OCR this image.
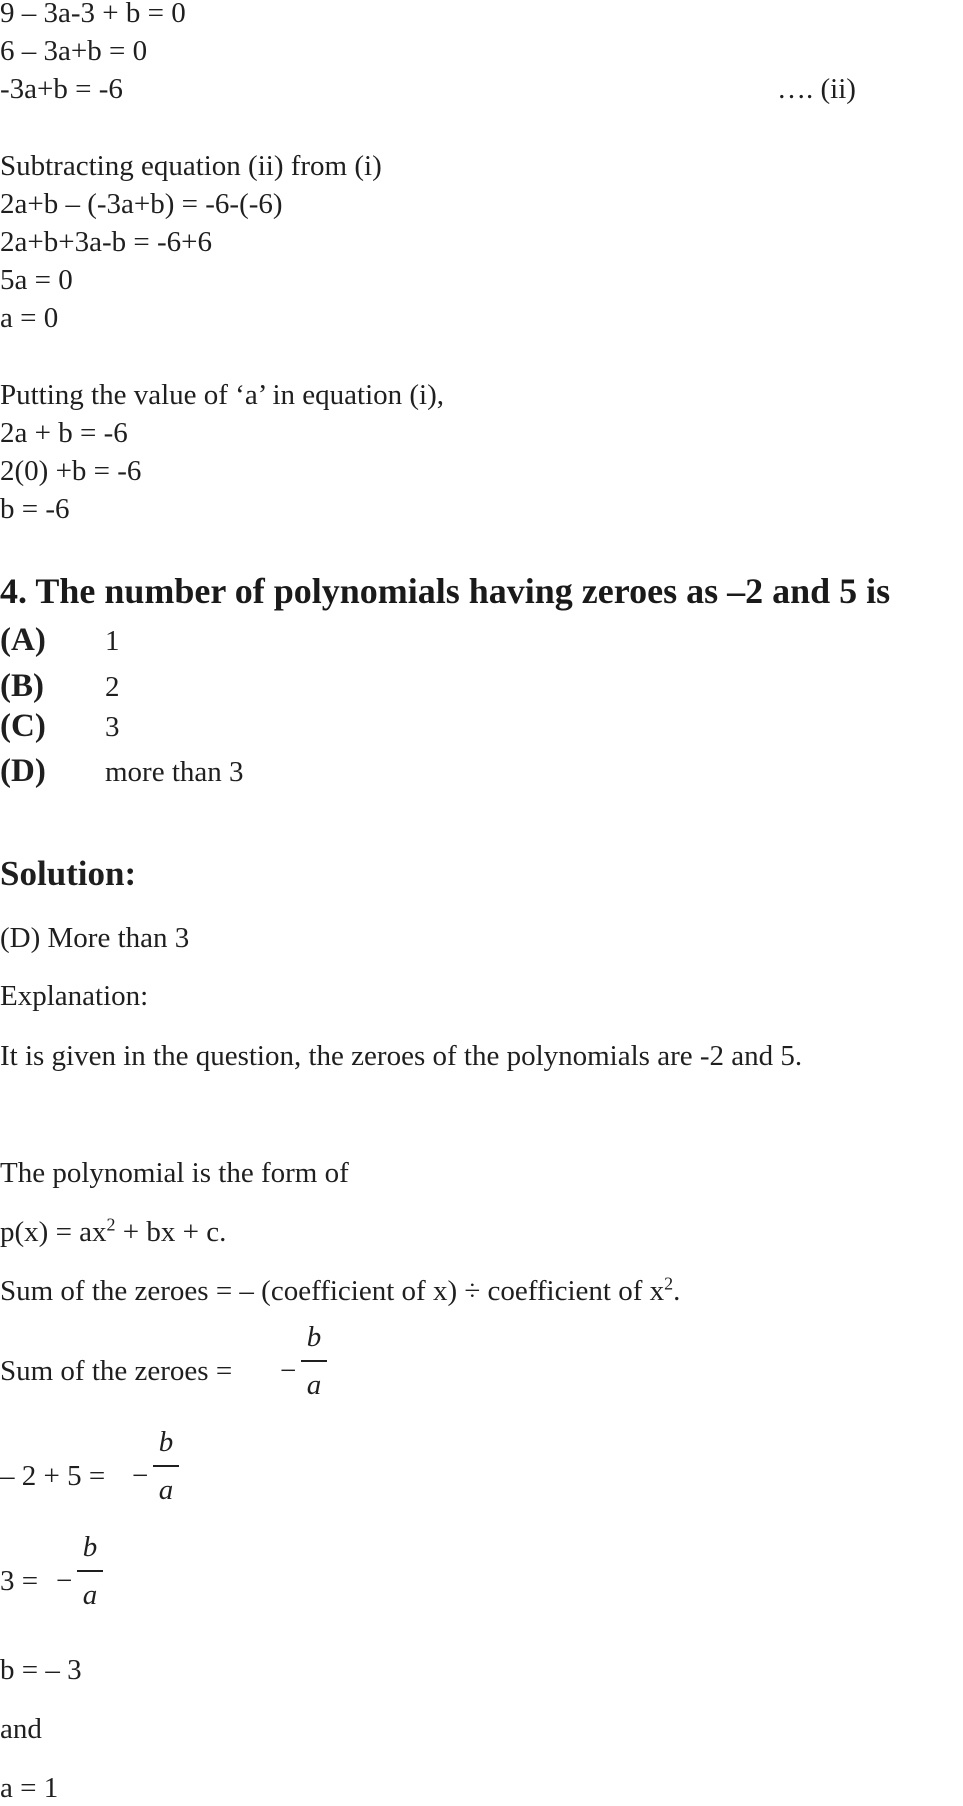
9 – 3a-3 + b = 0
6 – 3a+b = 0
-3a+b = -6	…. (ii)
Subtracting equation (ii) from (i)
2a+b – (-3a+b) = -6-(-6)
2a+b+3a-b = -6+6
5a = 0
a = 0
Putting the value of ‘a’ in equation (i),
2a + b = -6
2(0) +b = -6
b = -6
4. The number of polynomials having zeroes as –2 and 5 is
(A) 1
(B) 2
(C) 3
(D) more than 3
Solution:
(D) More than 3
Explanation:
It is given in the question, the zeroes of the polynomials are -2 and 5.
The polynomial is the form of
$p(x) = ax^2$ + bx + c.
Sum of the zeroes = – (coefficient of x) ÷ coefficient of $x^2$.
Sum of the zeroes = −
b
a
– 2 + 5 = −
b
a
3 = −
b
a
b = – 3
and
a = 1
